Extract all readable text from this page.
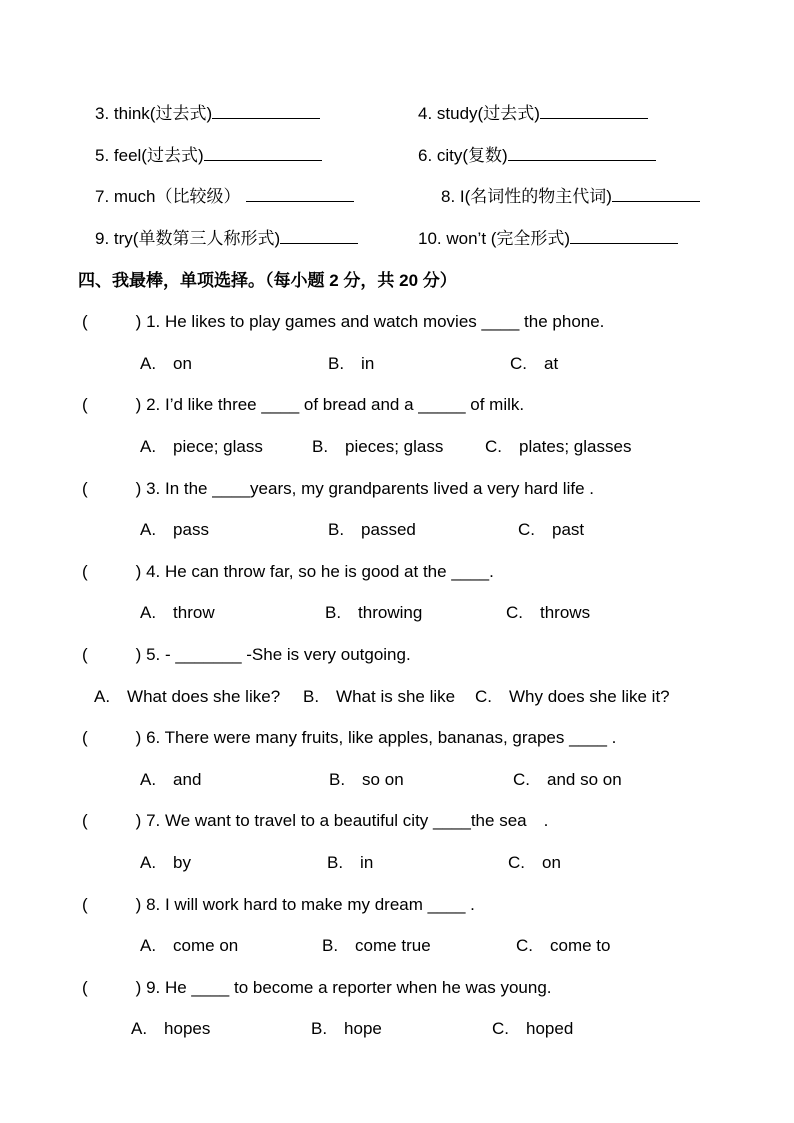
3. think(过去式)	4. study(过去式)
5. feel(过去式)	6. city(复数)
7. much（比较级）	8. I(名词性的物主代词)
9. try(单数第三人称形式)	10. won’t (完全形式)
四、我最棒，单项选择。（每小题 2 分，共 20 分）
(	) 1. He likes to play games and watch movies ____ the phone.
A.　on	B.　in	C.　at
(	) 2. I’d like three ____ of bread and a _____ of milk.
A.　piece; glass	B.　pieces; glass C.　plates; glasses
(	) 3. In the ____years, my grandparents lived a very hard life .
A.　pass	B.　passed	C.　past
(	) 4. He can throw far, so he is good at the ____.
A.　throw	B.　throwing	C.　throws
(	) 5. - _______ -She is very outgoing.
A.　What does she like? B.　What is she like C.　Why does she like it?
(	) 6. There were many fruits, like apples, bananas, grapes ____ .
A.　and	B.　so on	C.　and so on
(	) 7. We want to travel to a beautiful city ____the sea　.
A.　by	B.　in	C.　on
(	) 8. I will work hard to make my dream ____ .
A.　come on	B.　come true	C.　come to
(	) 9. He ____ to become a reporter when he was young.
A.　hopes	B.　hope	C.　hoped
